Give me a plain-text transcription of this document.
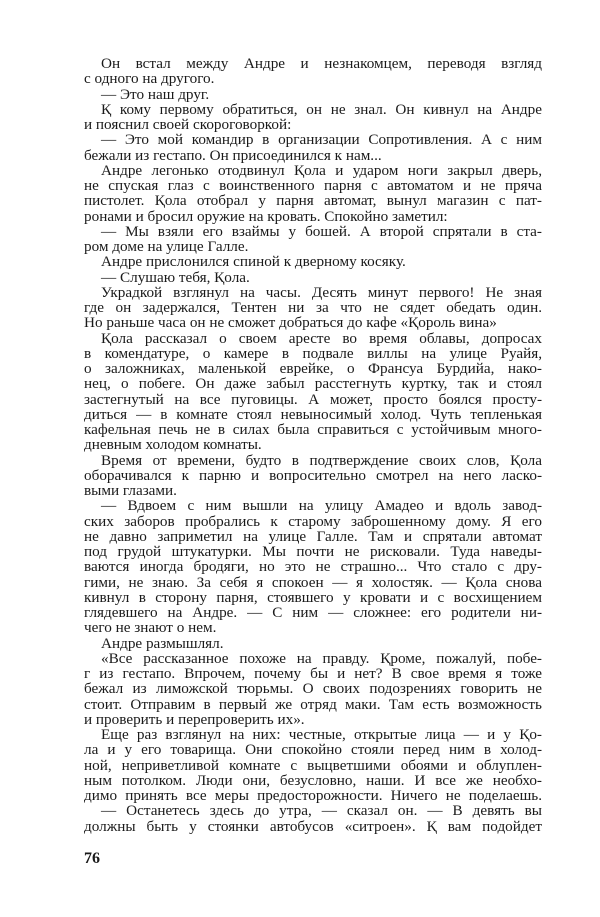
Он встал между Андре и незнакомцем, переводя взгляд
с одного на другого.
— Это наш друг.
Қ кому первому обратиться, он не знал. Он кивнул на Андре
и пояснил своей скороговоркой:
— Это мой командир в организации Сопротивления. А с ним
бежали из гестапо. Он присоединился к нам...
Андре легонько отодвинул Қола и ударом ноги закрыл дверь,
не спуская глаз с воинственного парня с автоматом и не пряча
пистолет. Қола отобрал у парня автомат, вынул магазин с пат-
ронами и бросил оружие на кровать. Спокойно заметил:
— Мы взяли его взаймы у бошей. А второй спрятали в ста-
ром доме на улице Галле.
Андре прислонился спиной к дверному косяку.
— Слушаю тебя, Қола.
Украдкой взглянул на часы. Десять минут первого! Не зная
где он задержался, Тентен ни за что не сядет обедать один.
Но раньше часа он не сможет добраться до кафе «Қороль вина»
Қола рассказал о своем аресте во время облавы, допросах
в комендатуре, о камере в подвале виллы на улице Руайя,
о заложниках, маленькой еврейке, о Франсуа Бурдийа, нако-
нец, о побеге. Он даже забыл расстегнуть куртку, так и стоял
застегнутый на все пуговицы. А может, просто боялся просту-
диться — в комнате стоял невыносимый холод. Чуть тепленькая
кафельная печь не в силах была справиться с устойчивым много-
дневным холодом комнаты.
Время от времени, будто в подтверждение своих слов, Қола
оборачивался к парню и вопросительно смотрел на него ласко-
выми глазами.
— Вдвоем с ним вышли на улицу Амадео и вдоль завод-
ских заборов пробрались к старому заброшенному дому. Я его
не давно заприметил на улице Галле. Там и спрятали автомат
под грудой штукатурки. Мы почти не рисковали. Туда наведы-
ваются иногда бродяги, но это не страшно... Что стало с дру-
гими, не знаю. За себя я спокоен — я холостяк. — Қола снова
кивнул в сторону парня, стоявшего у кровати и с восхищением
глядевшего на Андре. — С ним — сложнее: его родители ни-
чего не знают о нем.
Андре размышлял.
«Все рассказанное похоже на правду. Қроме, пожалуй, побе-
г из гестапо. Впрочем, почему бы и нет? В свое время я тоже
бежал из лиможской тюрьмы. О своих подозрениях говорить не
стоит. Отправим в первый же отряд маки. Там есть возможность
и проверить и перепроверить их».
Еще раз взглянул на них: честные, открытые лица — и у Қо-
ла и у его товарища. Они спокойно стояли перед ним в холод-
ной, неприветливой комнате с выцветшими обоями и облуплен-
ным потолком. Люди они, безусловно, наши. И все же необхо-
димо принять все меры предосторожности. Ничего не поделаешь.
— Останетесь здесь до утра, — сказал он. — В девять вы
должны быть у стоянки автобусов «ситроен». Қ вам подойдет
76
